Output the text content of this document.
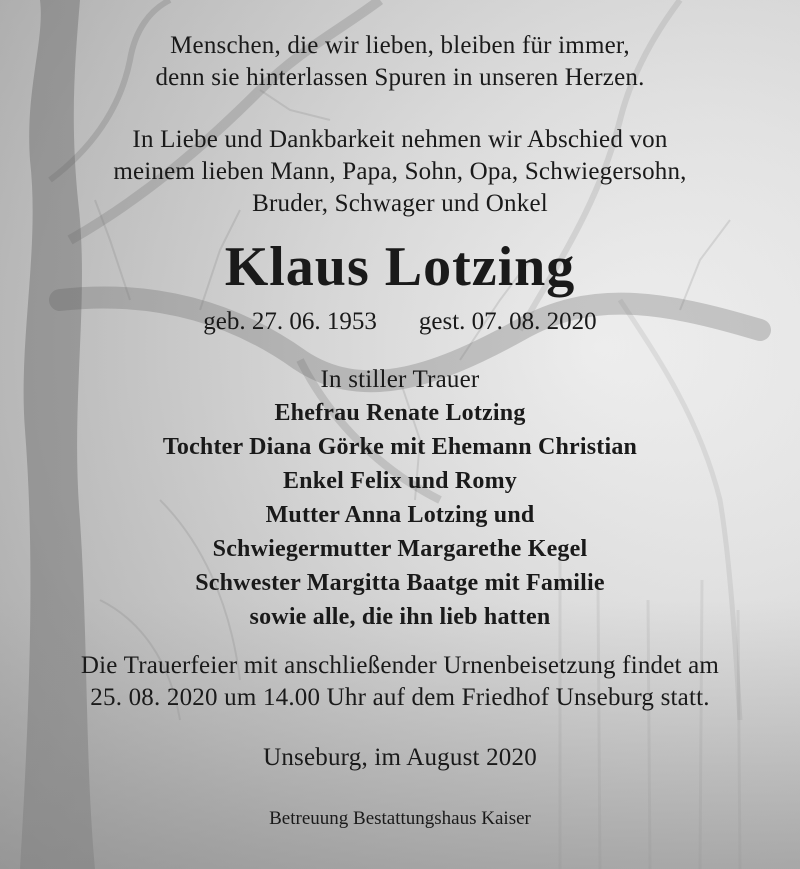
Menschen, die wir lieben, bleiben für immer,
denn sie hinterlassen Spuren in unseren Herzen.
In Liebe und Dankbarkeit nehmen wir Abschied von
meinem lieben Mann, Papa, Sohn, Opa, Schwiegersohn,
Bruder, Schwager und Onkel
Klaus Lotzing
geb. 27. 06. 1953 gest. 07. 08. 2020
In stiller Trauer
Ehefrau Renate Lotzing
Tochter Diana Görke mit Ehemann Christian
Enkel Felix und Romy
Mutter Anna Lotzing und
Schwiegermutter Margarethe Kegel
Schwester Margitta Baatge mit Familie
sowie alle, die ihn lieb hatten
Die Trauerfeier mit anschließender Urnenbeisetzung findet am
25. 08. 2020 um 14.00 Uhr auf dem Friedhof Unseburg statt.
Unseburg, im August 2020
Betreuung Bestattungshaus Kaiser
